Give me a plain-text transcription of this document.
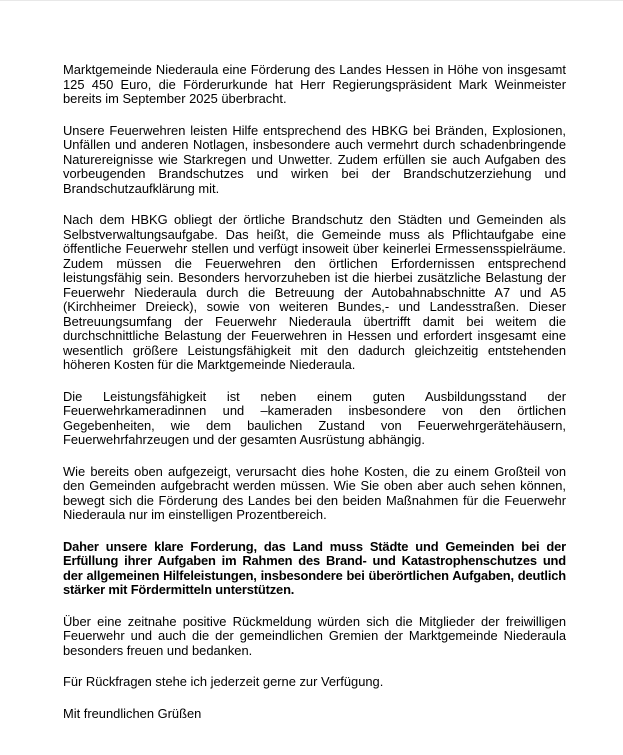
Marktgemeinde Niederaula eine Förderung des Landes Hessen in Höhe von insgesamt 125 450 Euro, die Förderurkunde hat Herr Regierungspräsident Mark Weinmeister bereits im September 2025 überbracht.

Unsere Feuerwehren leisten Hilfe entsprechend des HBKG bei Bränden, Explosionen, Unfällen und anderen Notlagen, insbesondere auch vermehrt durch schadenbringende Naturereignisse wie Starkregen und Unwetter. Zudem erfüllen sie auch Aufgaben des vorbeugenden Brandschutzes und wirken bei der Brandschutzerziehung und Brandschutzaufklärung mit.

Nach dem HBKG obliegt der örtliche Brandschutz den Städten und Gemeinden als Selbstverwaltungsaufgabe. Das heißt, die Gemeinde muss als Pflichtaufgabe eine öffentliche Feuerwehr stellen und verfügt insoweit über keinerlei Ermessensspielräume. Zudem müssen die Feuerwehren den örtlichen Erfordernissen entsprechend leistungsfähig sein. Besonders hervorzuheben ist die hierbei zusätzliche Belastung der Feuerwehr Niederaula durch die Betreuung der Autobahnabschnitte A7 und A5 (Kirchheimer Dreieck), sowie von weiteren Bundes,- und Landesstraßen. Dieser Betreuungsumfang der Feuerwehr Niederaula übertrifft damit bei weitem die durchschnittliche Belastung der Feuerwehren in Hessen und erfordert insgesamt eine wesentlich größere Leistungsfähigkeit mit den dadurch gleichzeitig entstehenden höheren Kosten für die Marktgemeinde Niederaula.

Die Leistungsfähigkeit ist neben einem guten Ausbildungsstand der Feuerwehrkameradinnen und –kameraden insbesondere von den örtlichen Gegebenheiten, wie dem baulichen Zustand von Feuerwehrgerätehäusern, Feuerwehrfahrzeugen und der gesamten Ausrüstung abhängig.

Wie bereits oben aufgezeigt, verursacht dies hohe Kosten, die zu einem Großteil von den Gemeinden aufgebracht werden müssen. Wie Sie oben aber auch sehen können, bewegt sich die Förderung des Landes bei den beiden Maßnahmen für die Feuerwehr Niederaula nur im einstelligen Prozentbereich.

Daher unsere klare Forderung, das Land muss Städte und Gemeinden bei der Erfüllung ihrer Aufgaben im Rahmen des Brand- und Katastrophenschutzes und der allgemeinen Hilfeleistungen, insbesondere bei überörtlichen Aufgaben, deutlich stärker mit Fördermitteln unterstützen.

Über eine zeitnahe positive Rückmeldung würden sich die Mitglieder der freiwilligen Feuerwehr und auch die der gemeindlichen Gremien der Marktgemeinde Niederaula besonders freuen und bedanken.

Für Rückfragen stehe ich jederzeit gerne zur Verfügung.

Mit freundlichen Grüßen
